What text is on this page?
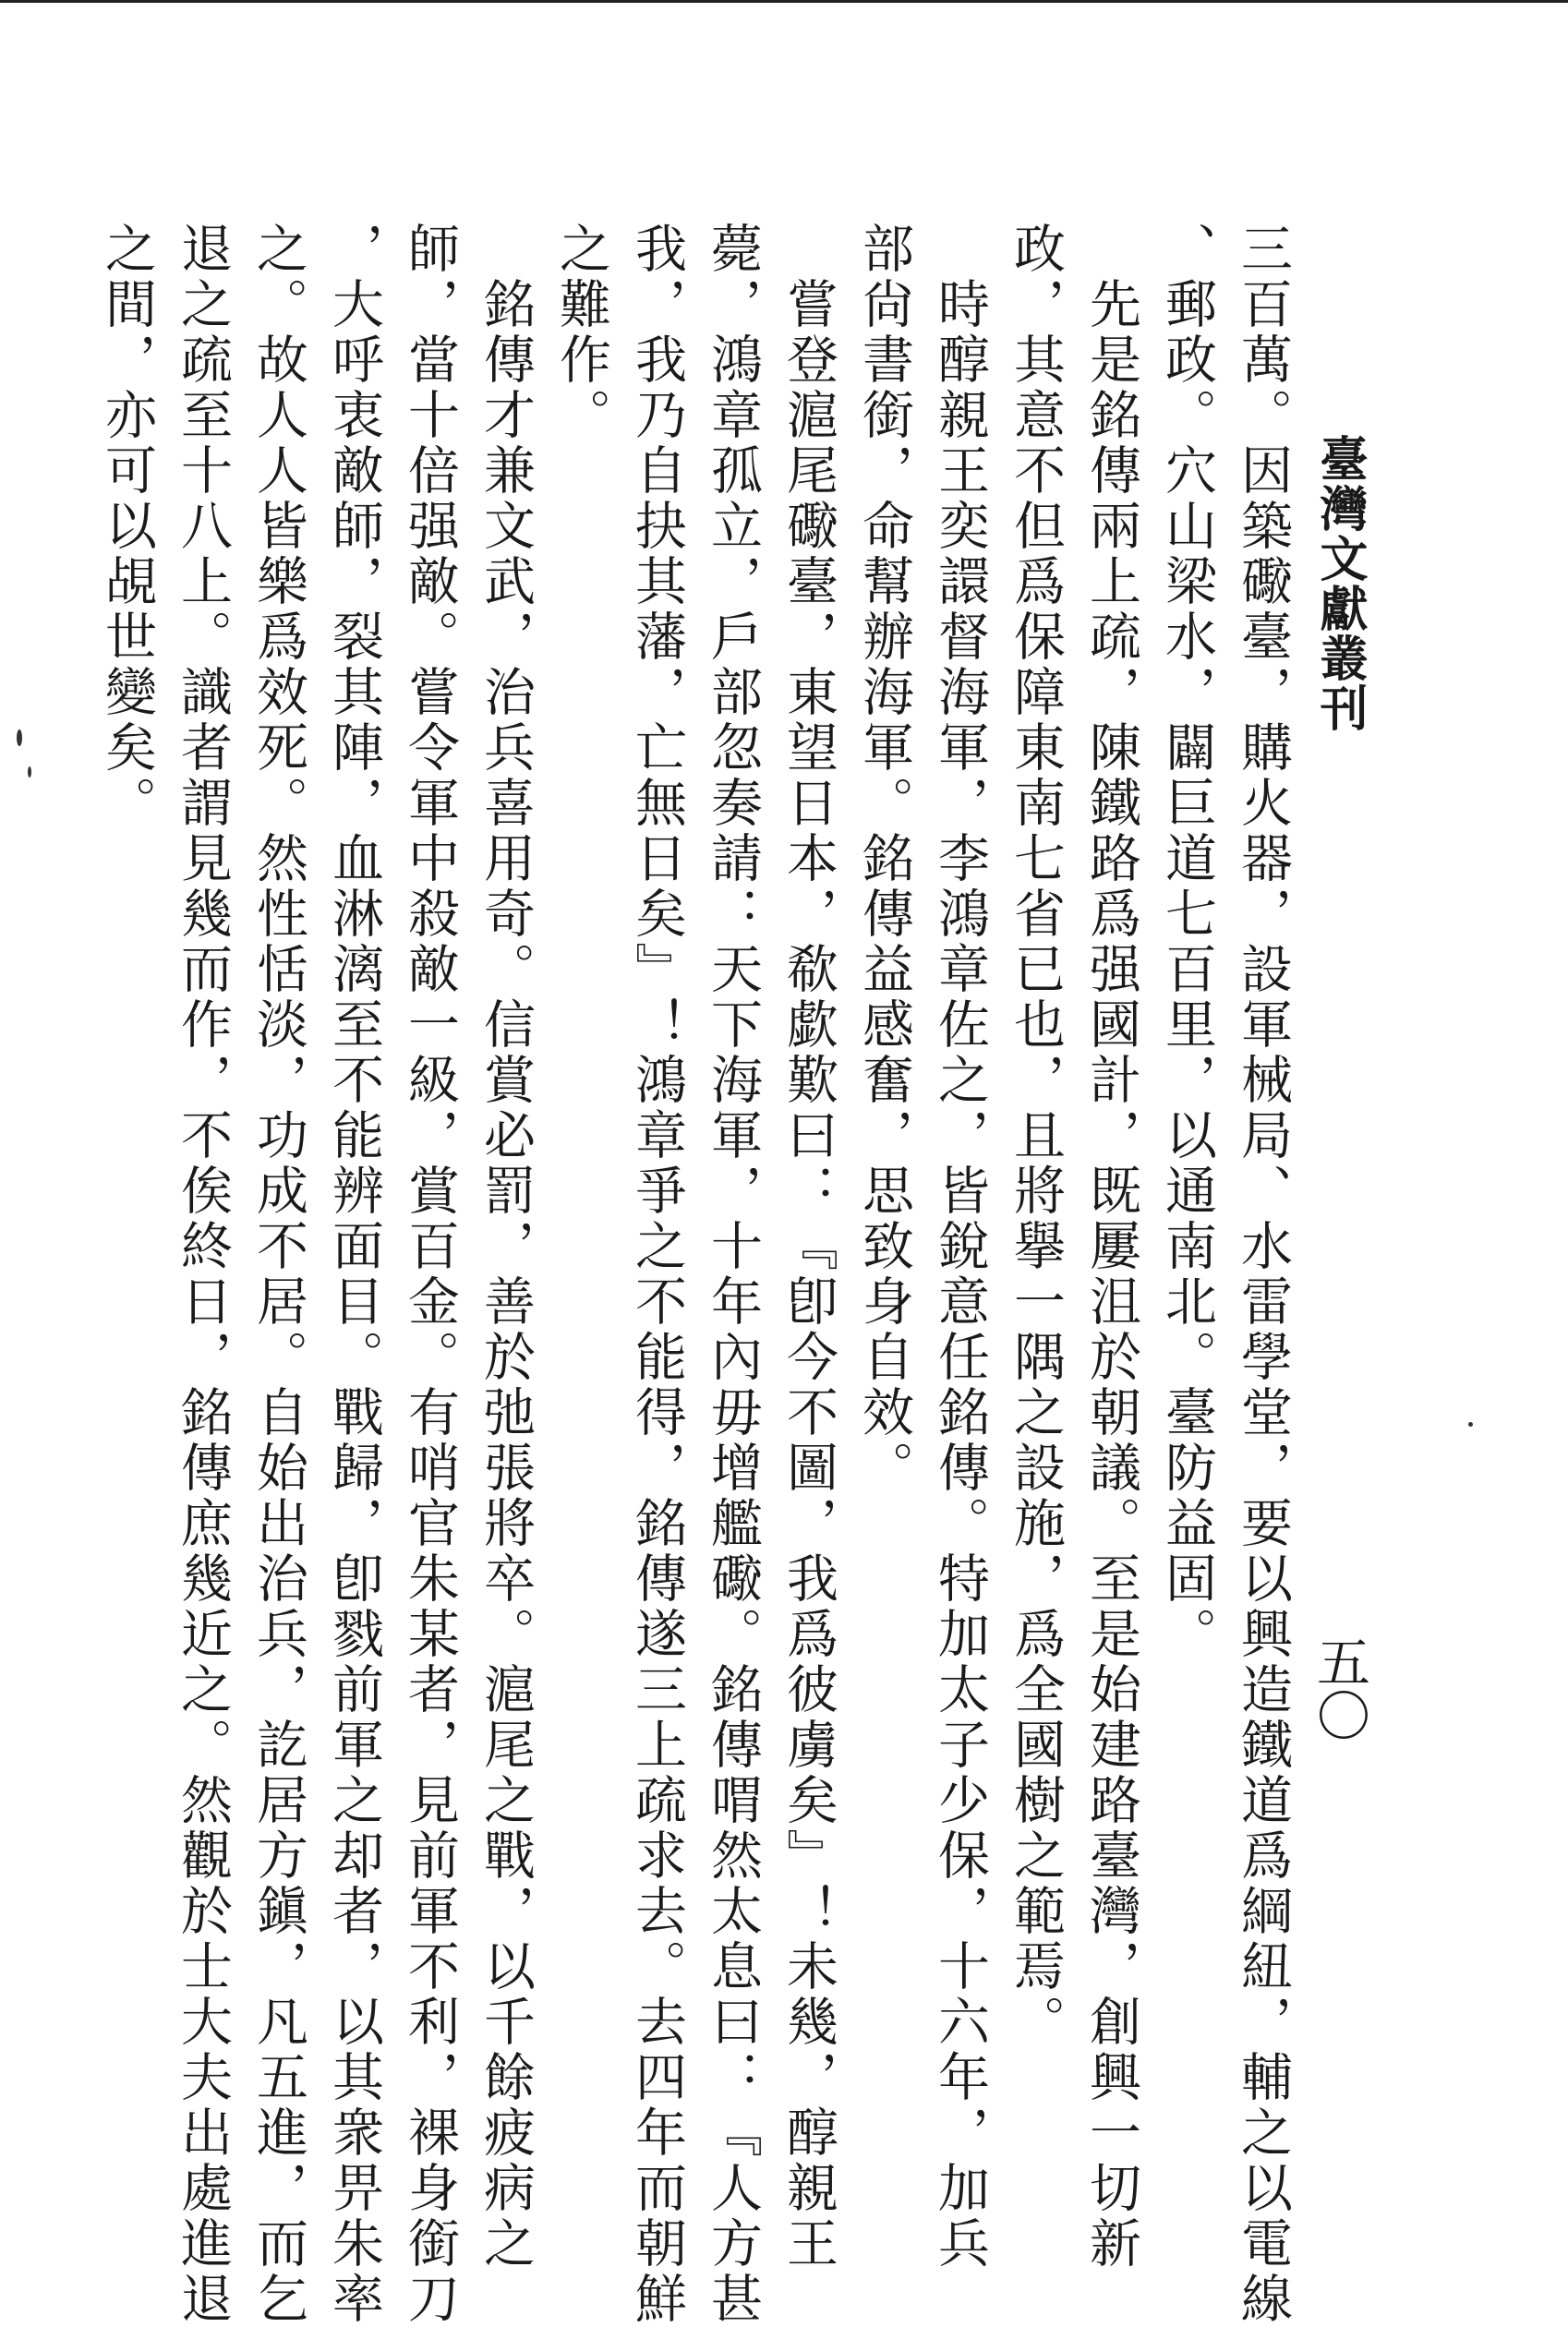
臺灣文獻叢刊
五〇
三百萬。因築礮臺，購火器，設軍械局、水雷學堂，要以興造鐵道爲綱紐，輔之以電線
、郵政。穴山梁水，闢巨道七百里，以通南北。臺防益固。
　先是銘傳兩上疏，陳鐵路爲强國計，既屢沮於朝議。至是始建路臺灣，創興一切新
政，其意不但爲保障東南七省已也，且將擧一隅之設施，爲全國樹之範焉。
　時醇親王奕譞督海軍，李鴻章佐之，皆銳意任銘傳。特加太子少保，十六年，加兵
部尙書銜，命幫辦海軍。銘傳益感奮，思致身自效。
　嘗登滬尾礮臺，東望日本，欷歔歎曰：『卽今不圖，我爲彼虜矣』！未幾，醇親王
薨，鴻章孤立，戶部忽奏請：天下海軍，十年內毋增艦礮。銘傳喟然太息曰：『人方甚
我，我乃自抉其藩，亡無日矣』！鴻章爭之不能得，銘傳遂三上疏求去。去四年而朝鮮
之難作。
　銘傳才兼文武，治兵喜用奇。信賞必罰，善於弛張將卒。滬尾之戰，以千餘疲病之
師，當十倍强敵。嘗令軍中殺敵一級，賞百金。有哨官朱某者，見前軍不利，裸身銜刀
，大呼衷敵師，裂其陣，血淋漓至不能辨面目。戰歸，卽戮前軍之却者，以其衆畀朱率
之。故人人皆樂爲效死。然性恬淡，功成不居。自始出治兵，訖居方鎭，凡五進，而乞
退之疏至十八上。識者謂見幾而作，不俟終日，銘傳庶幾近之。然觀於士大夫出處進退
之間，亦可以覘世變矣。
